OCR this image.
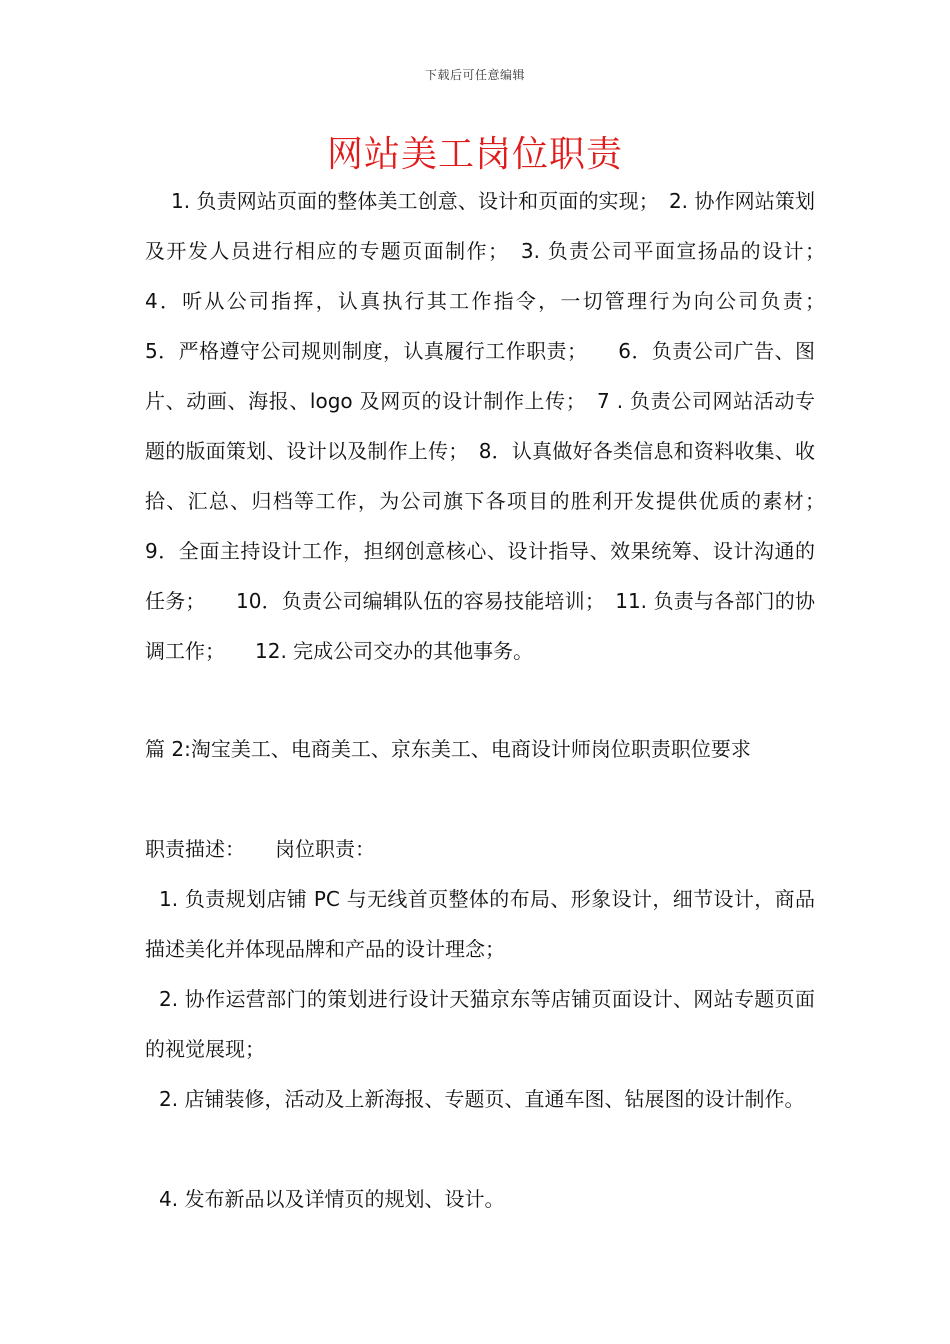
下载后可任意编辑
网站美工岗位职责
1. 负责网站页面的整体美工创意、设计和页面的实现；　2. 协作网站策划及开发人员进行相应的专题页面制作；　3. 负责公司平面宣扬品的设计；　4．听从公司指挥，认真执行其工作指令，一切管理行为向公司负责；　　5．严格遵守公司规则制度，认真履行工作职责；　　6．负责公司广告、图片、动画、海报、logo 及网页的设计制作上传；　7 . 负责公司网站活动专题的版面策划、设计以及制作上传；　8．认真做好各类信息和资料收集、收拾、汇总、归档等工作，为公司旗下各项目的胜利开发提供优质的素材；　　9．全面主持设计工作，担纲创意核心、设计指导、效果统筹、设计沟通的任务；　　10．负责公司编辑队伍的容易技能培训；　11. 负责与各部门的协调工作；　　12. 完成公司交办的其他事务。
篇 2:淘宝美工、电商美工、京东美工、电商设计师岗位职责职位要求
职责描述：　　岗位职责：
1. 负责规划店铺 PC 与无线首页整体的布局、形象设计，细节设计，商品描述美化并体现品牌和产品的设计理念；
2. 协作运营部门的策划进行设计天猫京东等店铺页面设计、网站专题页面的视觉展现；
2. 店铺装修，活动及上新海报、专题页、直通车图、钻展图的设计制作。
4. 发布新品以及详情页的规划、设计。
